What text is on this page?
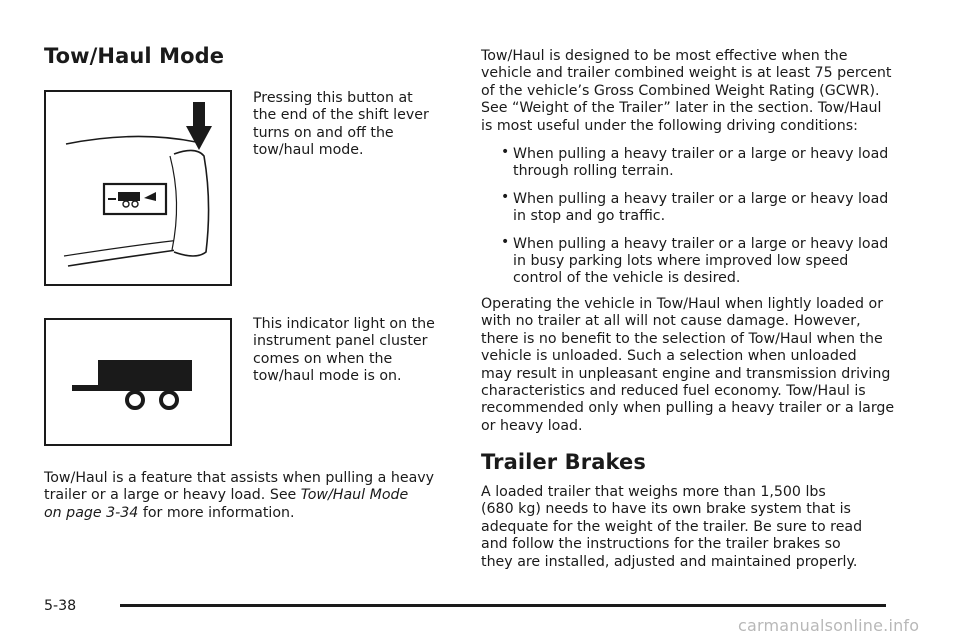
Tow/Haul Mode
Pressing this button at
the end of the shift lever
turns on and off the
tow/haul mode.
This indicator light on the
instrument panel cluster
comes on when the
tow/haul mode is on.
Tow/Haul is a feature that assists when pulling a heavy
trailer or a large or heavy load. See Tow/Haul Mode
on page 3-34 for more information.
Tow/Haul is designed to be most effective when the
vehicle and trailer combined weight is at least 75 percent
of the vehicle’s Gross Combined Weight Rating (GCWR).
See “Weight of the Trailer” later in the section. Tow/Haul
is most useful under the following driving conditions:
• When pulling a heavy trailer or a large or heavy load
through rolling terrain.
• When pulling a heavy trailer or a large or heavy load
in stop and go traffic.
• When pulling a heavy trailer or a large or heavy load
in busy parking lots where improved low speed
control of the vehicle is desired.
Operating the vehicle in Tow/Haul when lightly loaded or
with no trailer at all will not cause damage. However,
there is no benefit to the selection of Tow/Haul when the
vehicle is unloaded. Such a selection when unloaded
may result in unpleasant engine and transmission driving
characteristics and reduced fuel economy. Tow/Haul is
recommended only when pulling a heavy trailer or a large
or heavy load.
Trailer Brakes
A loaded trailer that weighs more than 1,500 lbs
(680 kg) needs to have its own brake system that is
adequate for the weight of the trailer. Be sure to read
and follow the instructions for the trailer brakes so
they are installed, adjusted and maintained properly.
5-38
carmanualsonline.info
